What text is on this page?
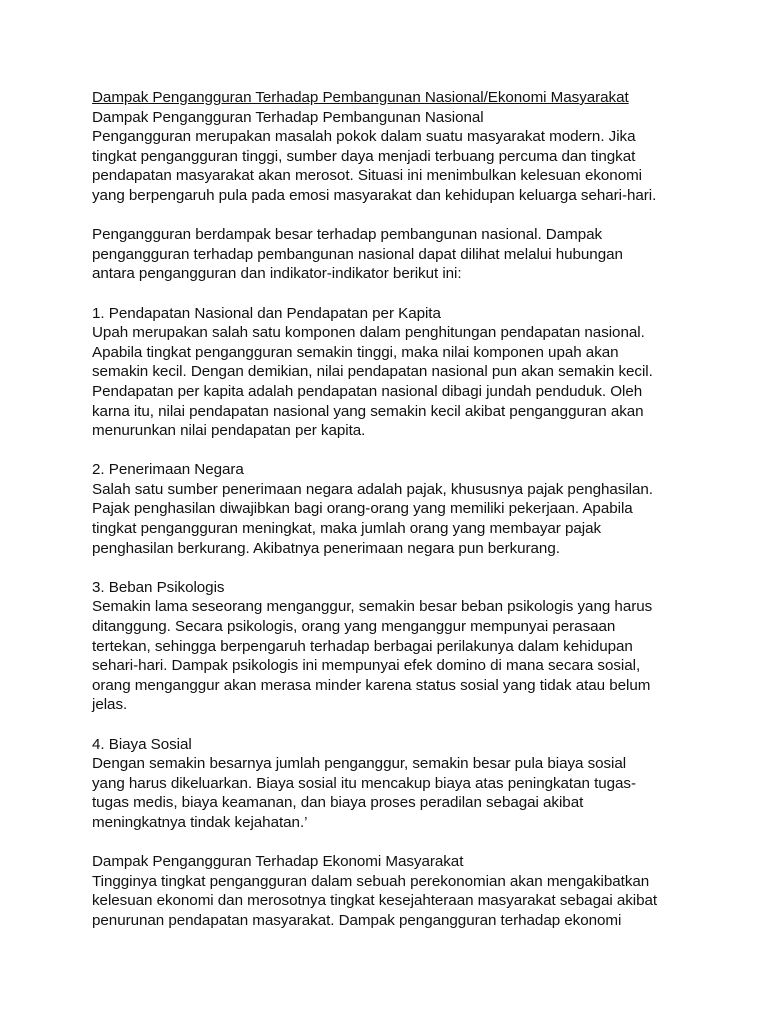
Dampak Pengangguran Terhadap Pembangunan Nasional/Ekonomi Masyarakat
Dampak Pengangguran Terhadap Pembangunan Nasional
Pengangguran merupakan masalah pokok dalam suatu masyarakat modern. Jika
tingkat pengangguran tinggi, sumber daya menjadi terbuang percuma dan tingkat
pendapatan masyarakat akan merosot. Situasi ini menimbulkan kelesuan ekonomi
yang berpengaruh pula pada emosi masyarakat dan kehidupan keluarga sehari-hari.
Pengangguran berdampak besar terhadap pembangunan nasional. Dampak
pengangguran terhadap pembangunan nasional dapat dilihat melalui hubungan
antara pengangguran dan indikator-indikator berikut ini:
1. Pendapatan Nasional dan Pendapatan per Kapita
Upah merupakan salah satu komponen dalam penghitungan pendapatan nasional.
Apabila tingkat pengangguran semakin tinggi, maka nilai komponen upah akan
semakin kecil. Dengan demikian, nilai pendapatan nasional pun akan semakin kecil.
Pendapatan per kapita adalah pendapatan nasional dibagi jundah penduduk. Oleh
karna itu, nilai pendapatan nasional yang semakin kecil akibat pengangguran akan
menurunkan nilai pendapatan per kapita.
2. Penerimaan Negara
Salah satu sumber penerimaan negara adalah pajak, khususnya pajak penghasilan.
Pajak penghasilan diwajibkan bagi orang-orang yang memiliki pekerjaan. Apabila
tingkat pengangguran meningkat, maka jumlah orang yang membayar pajak
penghasilan berkurang. Akibatnya penerimaan negara pun berkurang.
3. Beban Psikologis
Semakin lama seseorang menganggur, semakin besar beban psikologis yang harus
ditanggung. Secara psikologis, orang yang menganggur mempunyai perasaan
tertekan, sehingga berpengaruh terhadap berbagai perilakunya dalam kehidupan
sehari-hari. Dampak psikologis ini mempunyai efek domino di mana secara sosial,
orang menganggur akan merasa minder karena status sosial yang tidak atau belum
jelas.
4. Biaya Sosial
Dengan semakin besarnya jumlah penganggur, semakin besar pula biaya sosial
yang harus dikeluarkan. Biaya sosial itu mencakup biaya atas peningkatan tugas-
tugas medis, biaya keamanan, dan biaya proses peradilan sebagai akibat
meningkatnya tindak kejahatan.’
Dampak Pengangguran Terhadap Ekonomi Masyarakat
Tingginya tingkat pengangguran dalam sebuah perekonomian akan mengakibatkan
kelesuan ekonomi dan merosotnya tingkat kesejahteraan masyarakat sebagai akibat
penurunan pendapatan masyarakat. Dampak pengangguran terhadap ekonomi
